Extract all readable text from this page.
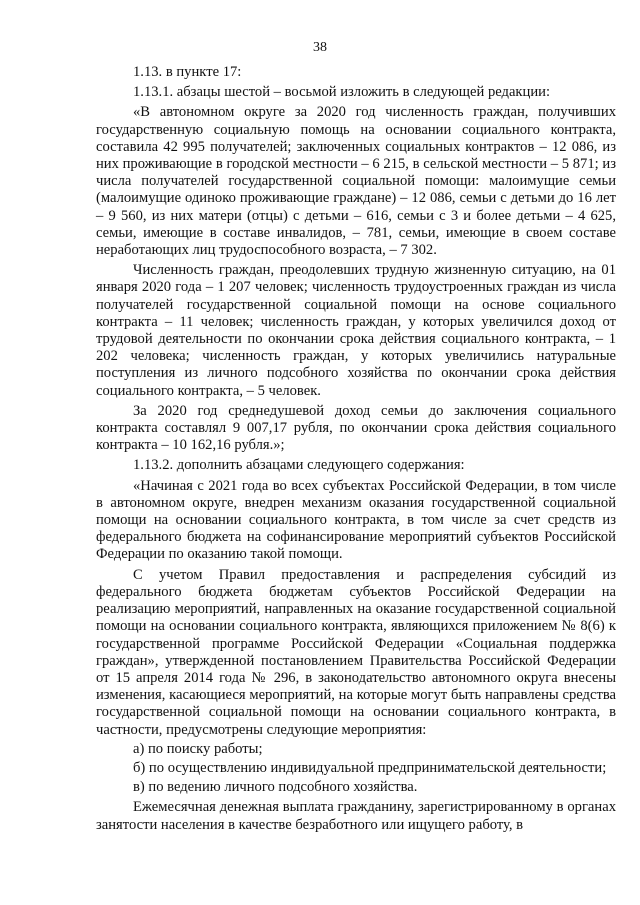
38

1.13. в пункте 17:

1.13.1. абзацы шестой – восьмой изложить в следующей редакции:

«В автономном округе за 2020 год численность граждан, получивших государственную социальную помощь на основании социального контракта, составила 42 995 получателей; заключенных социальных контрактов – 12 086, из них проживающие в городской местности – 6 215, в сельской местности – 5 871; из числа получателей государственной социальной помощи: малоимущие семьи (малоимущие одиноко проживающие граждане) – 12 086, семьи с детьми до 16 лет – 9 560, из них матери (отцы) с детьми – 616, семьи с 3 и более детьми – 4 625, семьи, имеющие в составе инвалидов, – 781, семьи, имеющие в своем составе неработающих лиц трудоспособного возраста, – 7 302.

Численность граждан, преодолевших трудную жизненную ситуацию, на 01 января 2020 года – 1 207 человек; численность трудоустроенных граждан из числа получателей государственной социальной помощи на основе социального контракта – 11 человек; численность граждан, у которых увеличился доход от трудовой деятельности по окончании срока действия социального контракта, – 1 202 человека; численность граждан, у которых увеличились натуральные поступления из личного подсобного хозяйства по окончании срока действия социального контракта, – 5 человек.

За 2020 год среднедушевой доход семьи до заключения социального контракта составлял 9 007,17 рубля, по окончании срока действия социального контракта – 10 162,16 рубля.»;

1.13.2. дополнить абзацами следующего содержания:

«Начиная с 2021 года во всех субъектах Российской Федерации, в том числе в автономном округе, внедрен механизм оказания государственной социальной помощи на основании социального контракта, в том числе за счет средств из федерального бюджета на софинансирование мероприятий субъектов Российской Федерации по оказанию такой помощи.

С учетом Правил предоставления и распределения субсидий из федерального бюджета бюджетам субъектов Российской Федерации на реализацию мероприятий, направленных на оказание государственной социальной помощи на основании социального контракта, являющихся приложением № 8(6) к государственной программе Российской Федерации «Социальная поддержка граждан», утвержденной постановлением Правительства Российской Федерации от 15 апреля 2014 года № 296, в законодательство автономного округа внесены изменения, касающиеся мероприятий, на которые могут быть направлены средства государственной социальной помощи на основании социального контракта, в частности, предусмотрены следующие мероприятия:

а) по поиску работы;

б) по осуществлению индивидуальной предпринимательской деятельности;

в) по ведению личного подсобного хозяйства.

Ежемесячная денежная выплата гражданину, зарегистрированному в органах занятости населения в качестве безработного или ищущего работу, в
